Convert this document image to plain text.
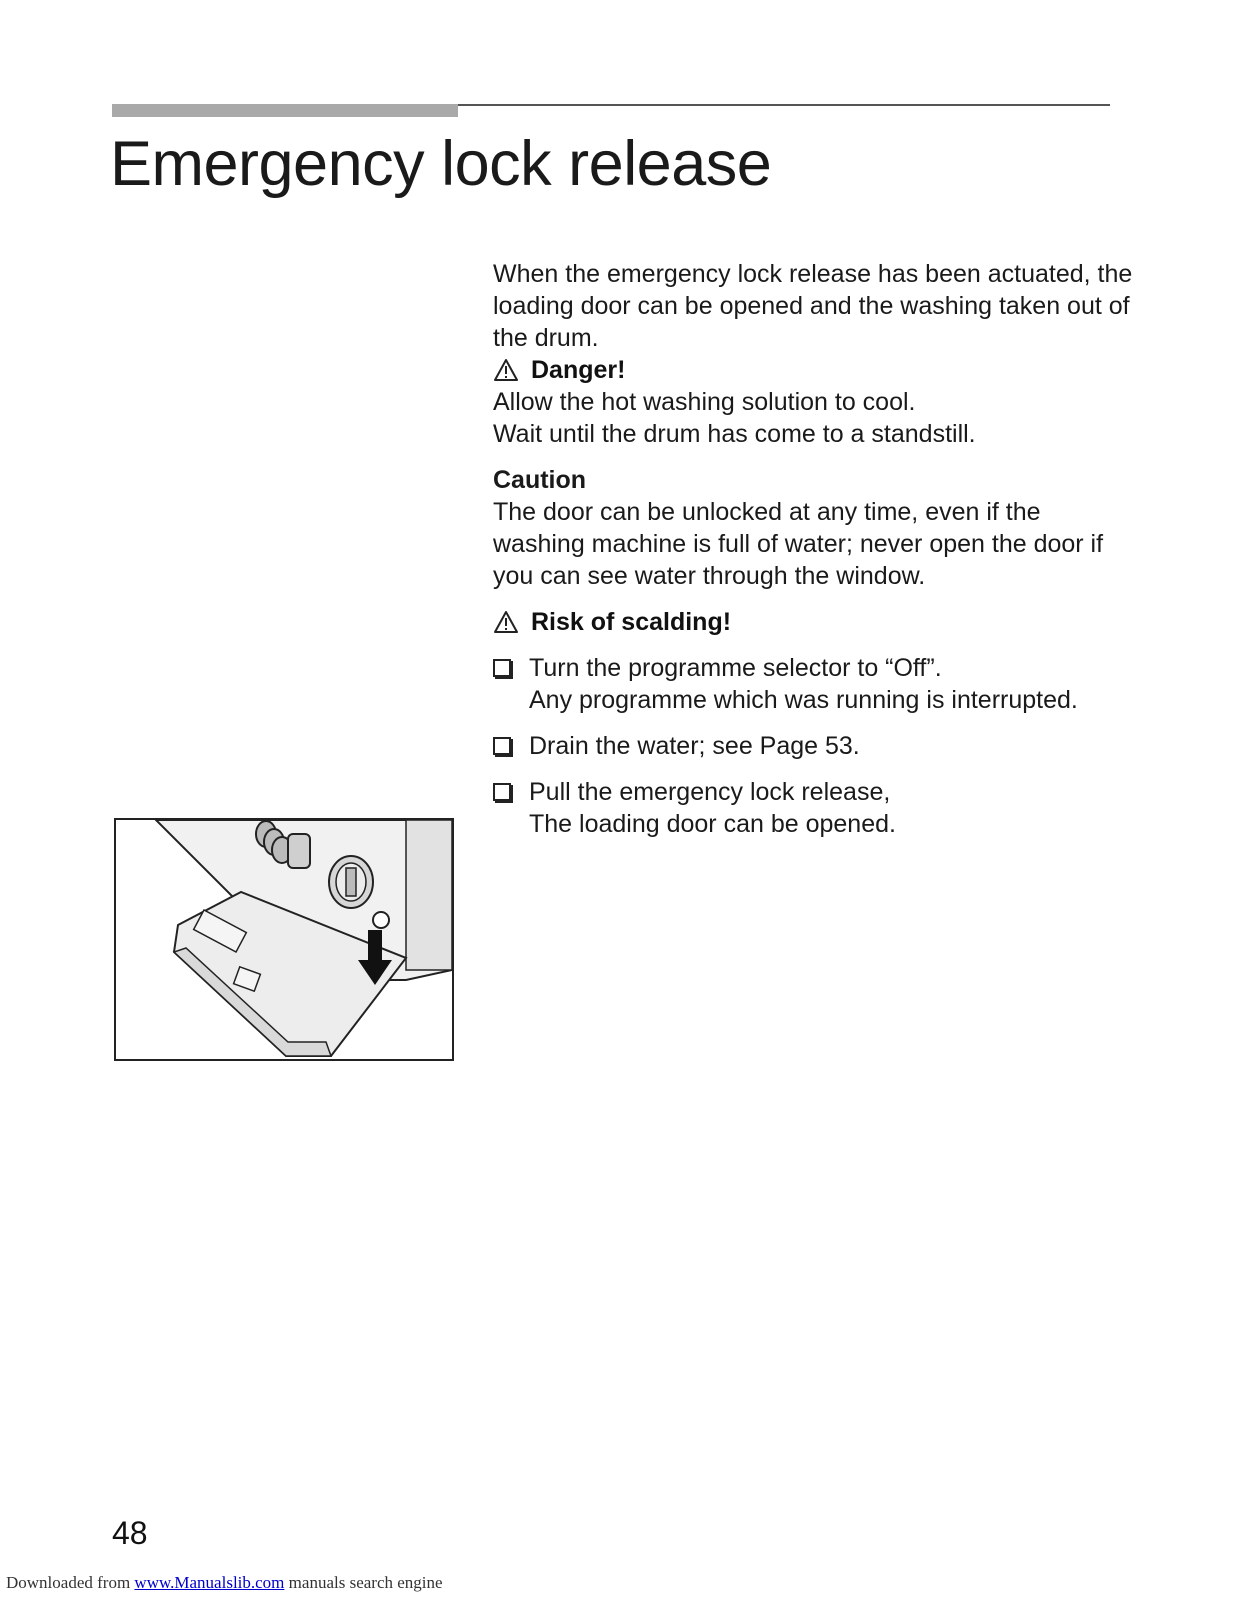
Emergency lock release

When the emergency lock release has been actuated, the loading door can be opened and the washing taken out of the drum.

Danger!

Allow the hot washing solution to cool.

Wait until the drum has come to a standstill.

Caution

The door can be unlocked at any time, even if the washing machine is full of water; never open the door if you can see water through the window.

Risk of scalding!

Turn the programme selector to “Off”.

Any programme which was running is interrupted.

Drain the water; see Page 53.

Pull the emergency lock release,

The loading door can be opened.

48
Downloaded from www.Manualslib.com manuals search engine
